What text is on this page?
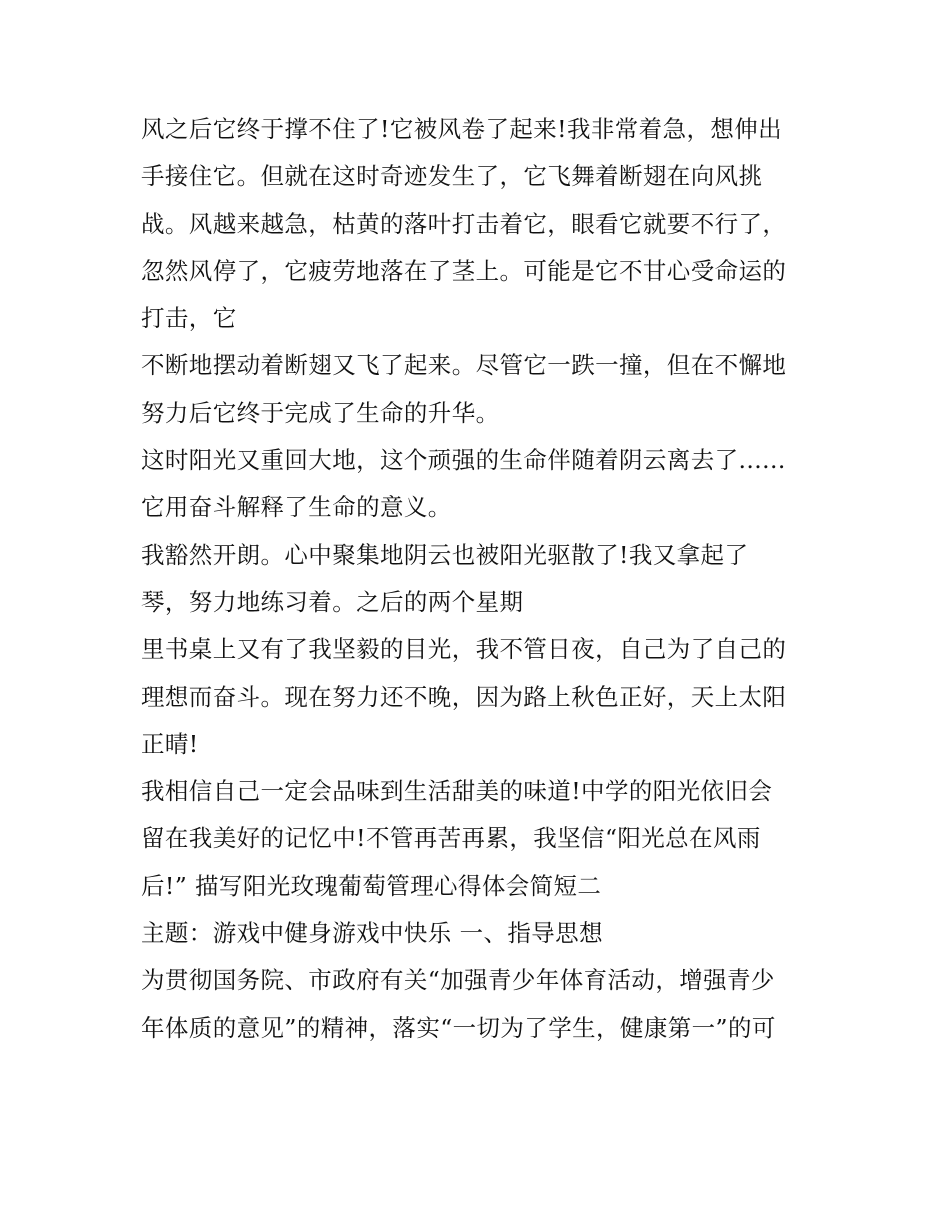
风之后它终于撑不住了!它被风卷了起来!我非常着急，想伸出
手接住它。但就在这时奇迹发生了，它飞舞着断翅在向风挑
战。风越来越急，枯黄的落叶打击着它，眼看它就要不行了，
忽然风停了，它疲劳地落在了茎上。可能是它不甘心受命运的
打击，它
不断地摆动着断翅又飞了起来。尽管它一跌一撞，但在不懈地
努力后它终于完成了生命的升华。
这时阳光又重回大地，这个顽强的生命伴随着阴云离去了......
它用奋斗解释了生命的意义。
我豁然开朗。心中聚集地阴云也被阳光驱散了!我又拿起了
琴，努力地练习着。之后的两个星期
里书桌上又有了我坚毅的目光，我不管日夜，自己为了自己的
理想而奋斗。现在努力还不晚，因为路上秋色正好，天上太阳
正晴!
我相信自己一定会品味到生活甜美的味道!中学的阳光依旧会
留在我美好的记忆中!不管再苦再累，我坚信“阳光总在风雨
后!” 描写阳光玫瑰葡萄管理心得体会简短二
主题：游戏中健身游戏中快乐 一、指导思想
为贯彻国务院、市政府有关“加强青少年体育活动，增强青少
年体质的意见”的精神，落实“一切为了学生，健康第一”的可
